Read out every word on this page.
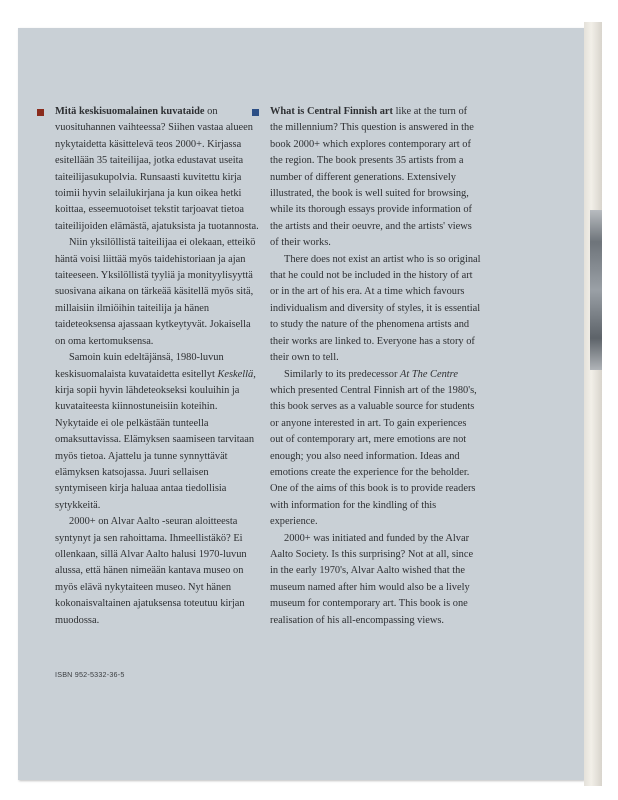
Mitä keskisuomalainen kuvataide on vuosituhannen vaihteessa? Siihen vastaa alueen nykytaidetta käsittelevä teos 2000+. Kirjassa esitellään 35 taiteilijaa, jotka edustavat useita taiteilijasukupolvia. Runsaasti kuvitettu kirja toimii hyvin selailukirjana ja kun oikea hetki koittaa, esseemuotoiset tekstit tarjoavat tietoa taiteilijoiden elämästä, ajatuksista ja tuotannosta.

Niin yksilöllistä taiteilijaa ei olekaan, etteikö häntä voisi liittää myös taidehistoriaan ja ajan taiteeseen. Yksilöllistä tyyliä ja monityylisyyttä suosivana aikana on tärkeää käsitellä myös sitä, millaisiin ilmiöihin taiteilija ja hänen taideteoksensa ajassaan kytkeytyvät. Jokaisella on oma kertomuksensa.

Samoin kuin edeltäjänsä, 1980-luvun keskisuomalaista kuvataidetta esitellyt Keskellä, kirja sopii hyvin lähdeteokseksi kouluihin ja kuvataiteesta kiinnostuneisiin koteihin. Nykytaide ei ole pelkästään tunteella omaksuttavissa. Elämyksen saamiseen tarvitaan myös tietoa. Ajattelu ja tunne synnyttävät elämyksen katsojassa. Juuri sellaisen syntymiseen kirja haluaa antaa tiedollisia sytykkeitä.

2000+ on Alvar Aalto -seuran aloitteesta syntynyt ja sen rahoittama. Ihmeellistäkö? Ei ollenkaan, sillä Alvar Aalto halusi 1970-luvun alussa, että hänen nimeään kantava museo on myös elävä nykytaiteen museo. Nyt hänen kokonaisvaltainen ajatuksensa toteutuu kirjan muodossa.

What is Central Finnish art like at the turn of the millennium? This question is answered in the book 2000+ which explores contemporary art of the region. The book presents 35 artists from a number of different generations. Extensively illustrated, the book is well suited for browsing, while its thorough essays provide information of the artists and their oeuvre, and the artists' views of their works.

There does not exist an artist who is so original that he could not be included in the history of art or in the art of his era. At a time which favours individualism and diversity of styles, it is essential to study the nature of the phenomena artists and their works are linked to. Everyone has a story of their own to tell.

Similarly to its predecessor At The Centre which presented Central Finnish art of the 1980's, this book serves as a valuable source for students or anyone interested in art. To gain experiences out of contemporary art, mere emotions are not enough; you also need information. Ideas and emotions create the experience for the beholder. One of the aims of this book is to provide readers with information for the kindling of this experience.

2000+ was initiated and funded by the Alvar Aalto Society. Is this surprising? Not at all, since in the early 1970's, Alvar Aalto wished that the museum named after him would also be a lively museum for contemporary art. This book is one realisation of his all-encompassing views.

ISBN 952-5332-36-5
